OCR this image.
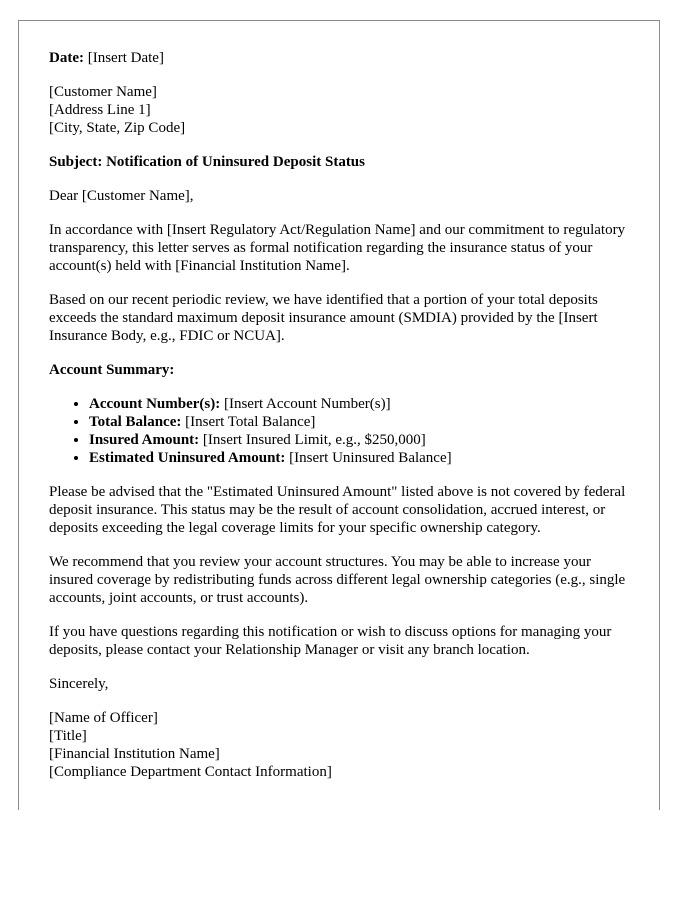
Date: [Insert Date]

[Customer Name]
[Address Line 1]
[City, State, Zip Code]

Subject: Notification of Uninsured Deposit Status

Dear [Customer Name],

In accordance with [Insert Regulatory Act/Regulation Name] and our commitment to regulatory transparency, this letter serves as formal notification regarding the insurance status of your account(s) held with [Financial Institution Name].

Based on our recent periodic review, we have identified that a portion of your total deposits exceeds the standard maximum deposit insurance amount (SMDIA) provided by the [Insert Insurance Body, e.g., FDIC or NCUA].

Account Summary:

• Account Number(s): [Insert Account Number(s)]
• Total Balance: [Insert Total Balance]
• Insured Amount: [Insert Insured Limit, e.g., $250,000]
• Estimated Uninsured Amount: [Insert Uninsured Balance]

Please be advised that the "Estimated Uninsured Amount" listed above is not covered by federal deposit insurance. This status may be the result of account consolidation, accrued interest, or deposits exceeding the legal coverage limits for your specific ownership category.

We recommend that you review your account structures. You may be able to increase your insured coverage by redistributing funds across different legal ownership categories (e.g., single accounts, joint accounts, or trust accounts).

If you have questions regarding this notification or wish to discuss options for managing your deposits, please contact your Relationship Manager or visit any branch location.

Sincerely,

[Name of Officer]
[Title]
[Financial Institution Name]
[Compliance Department Contact Information]
